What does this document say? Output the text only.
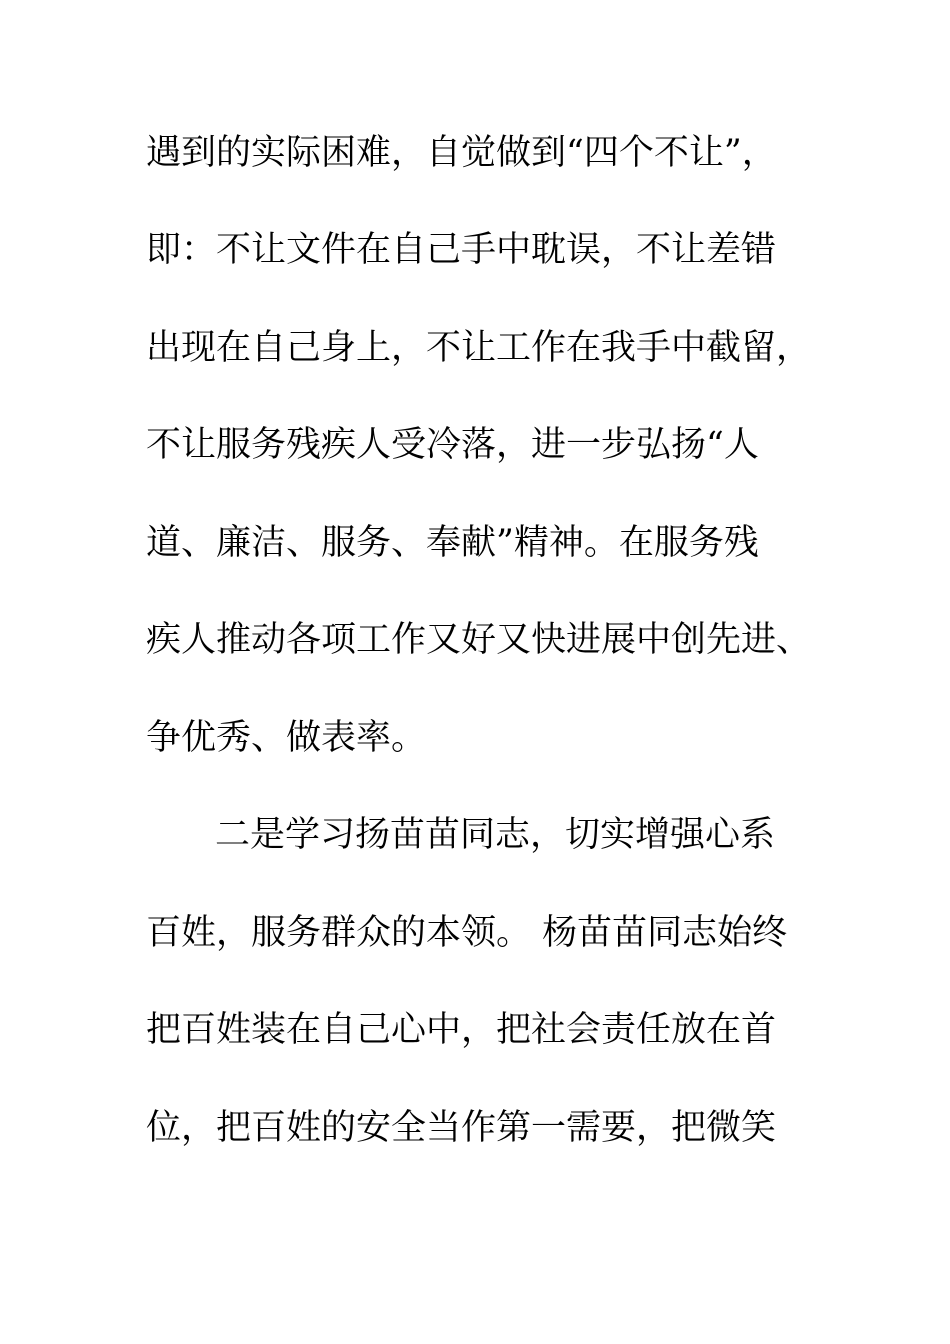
遇到的实际困难，自觉做到“四个不让”，
即：不让文件在自己手中耽误，不让差错
出现在自己身上，不让工作在我手中截留，
不让服务残疾人受冷落，进一步弘扬“人
道、廉洁、服务、奉献”精神。在服务残
疾人推动各项工作又好又快进展中创先进、
争优秀、做表率。
二是学习扬苗苗同志，切实增强心系
百姓，服务群众的本领。 杨苗苗同志始终
把百姓装在自己心中，把社会责任放在首
位，把百姓的安全当作第一需要，把微笑
